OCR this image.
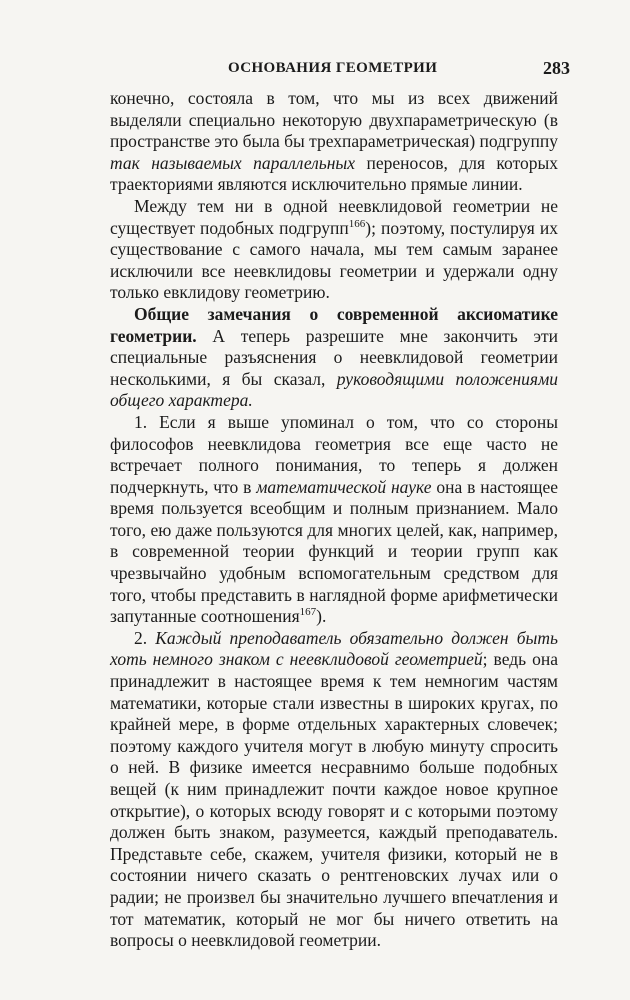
ОСНОВАНИЯ ГЕОМЕТРИИ	283

конечно, состояла в том, что мы из всех движений выделяли специально некоторую двухпараметрическую (в пространстве это была бы трехпараметрическая) подгруппу так называемых параллельных переносов, для которых траекториями являются исключительно прямые линии.

Между тем ни в одной неевклидовой геометрии не существует подобных подгрупп$^{166}$); поэтому, постулируя их существование с самого начала, мы тем самым заранее исключили все неевклидовы геометрии и удержали одну только евклидову геометрию.

Общие замечания о современной аксиоматике геометрии. А теперь разрешите мне закончить эти специальные разъяснения о неевклидовой геометрии несколькими, я бы сказал, руководящими положениями общего характера.

1. Если я выше упоминал о том, что со стороны философов неевклидова геометрия все еще часто не встречает полного понимания, то теперь я должен подчеркнуть, что в математической науке она в настоящее время пользуется всеобщим и полным признанием. Мало того, ею даже пользуются для многих целей, как, например, в современной теории функций и теории групп как чрезвычайно удобным вспомогательным средством для того, чтобы представить в наглядной форме арифметически запутанные соотношения$^{167}$).

2. Каждый преподаватель обязательно должен быть хоть немного знаком с неевклидовой геометрией; ведь она принадлежит в настоящее время к тем немногим частям математики, которые стали известны в широких кругах, по крайней мере, в форме отдельных характерных словечек; поэтому каждого учителя могут в любую минуту спросить о ней. В физике имеется несравнимо больше подобных вещей (к ним принадлежит почти каждое новое крупное открытие), о которых всюду говорят и с которыми поэтому должен быть знаком, разумеется, каждый преподаватель. Представьте себе, скажем, учителя физики, который не в состоянии ничего сказать о рентгеновских лучах или о радии; не произвел бы значительно лучшего впечатления и тот математик, который не мог бы ничего ответить на вопросы о неевклидовой геометрии.
